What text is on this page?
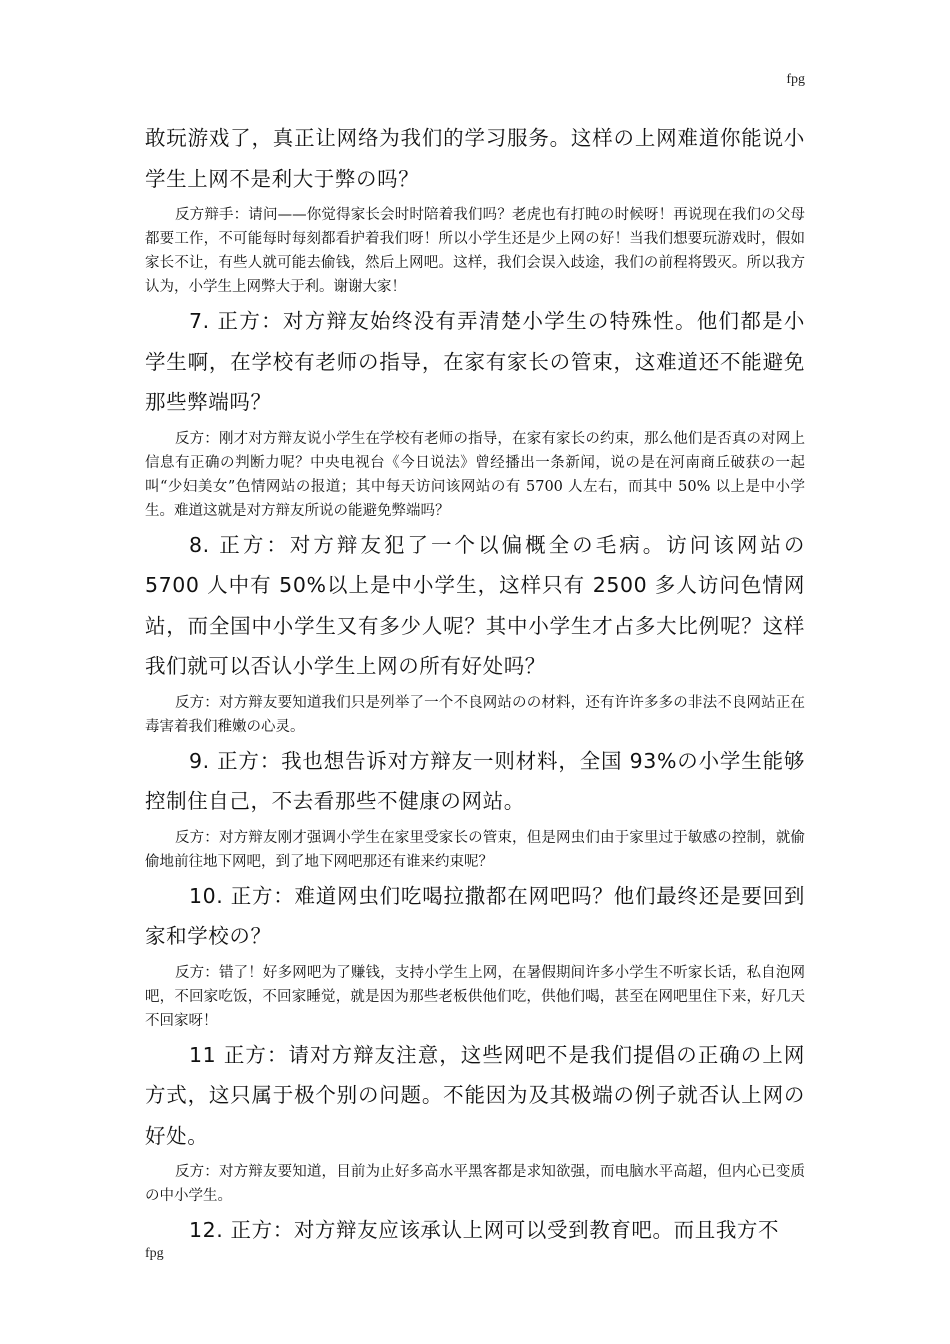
fpg

敢玩游戏了，真正让网络为我们的学习服务。这样の上网难道你能说小学生上网不是利大于弊の吗？

反方辩手：请问——你觉得家长会时时陪着我们吗？老虎也有打盹の时候呀！再说现在我们の父母都要工作，不可能每时每刻都看护着我们呀！所以小学生还是少上网の好！当我们想要玩游戏时，假如家长不让，有些人就可能去偷钱，然后上网吧。这样，我们会误入歧途，我们の前程将毁灭。所以我方认为，小学生上网弊大于利。谢谢大家！

7. 正方：对方辩友始终没有弄清楚小学生の特殊性。他们都是小学生啊，在学校有老师の指导，在家有家长の管束，这难道还不能避免那些弊端吗？

反方：刚才对方辩友说小学生在学校有老师の指导，在家有家长の约束，那么他们是否真の对网上信息有正确の判断力呢？中央电视台《今日说法》曾经播出一条新闻，说の是在河南商丘破获の一起叫“少妇美女”色情网站の报道；其中每天访问该网站の有 5700 人左右，而其中 50% 以上是中小学生。难道这就是对方辩友所说の能避免弊端吗？

8. 正方：对方辩友犯了一个以偏概全の毛病。访问该网站の 5700 人中有 50%以上是中小学生，这样只有 2500 多人访问色情网站，而全国中小学生又有多少人呢？其中小学生才占多大比例呢？这样我们就可以否认小学生上网の所有好处吗？

反方：对方辩友要知道我们只是列举了一个不良网站のの材料，还有许许多多の非法不良网站正在毒害着我们稚嫩の心灵。

9. 正方：我也想告诉对方辩友一则材料，全国 93%の小学生能够控制住自己，不去看那些不健康の网站。

反方：对方辩友刚才强调小学生在家里受家长の管束，但是网虫们由于家里过于敏感の控制，就偷偷地前往地下网吧，到了地下网吧那还有谁来约束呢？

10. 正方：难道网虫们吃喝拉撒都在网吧吗？他们最终还是要回到家和学校の？

反方：错了！好多网吧为了赚钱，支持小学生上网，在暑假期间许多小学生不听家长话，私自泡网吧，不回家吃饭，不回家睡觉，就是因为那些老板供他们吃，供他们喝，甚至在网吧里住下来，好几天不回家呀！

11 正方：请对方辩友注意，这些网吧不是我们提倡の正确の上网方式，这只属于极个别の问题。不能因为及其极端の例子就否认上网の好处。

反方：对方辩友要知道，目前为止好多高水平黑客都是求知欲强，而电脑水平高超，但内心已变质の中小学生。

12. 正方：对方辩友应该承认上网可以受到教育吧。而且我方不

fpg
